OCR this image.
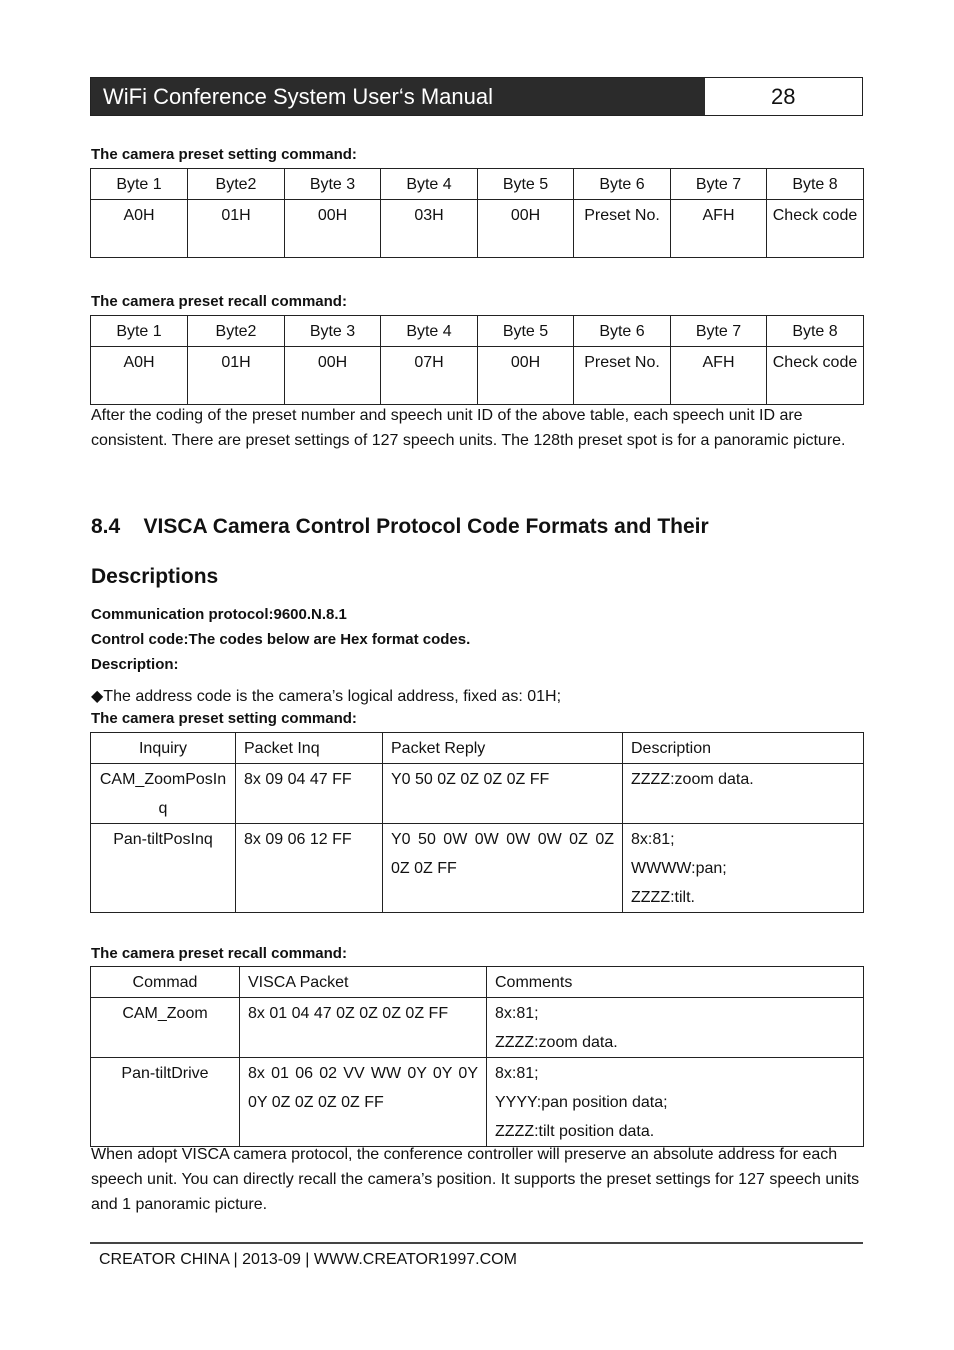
WiFi Conference System User‘s Manual	28
The camera preset setting command:
Byte 1	Byte2	Byte 3	Byte 4	Byte 5	Byte 6	Byte 7	Byte 8
A0H	01H	00H	03H	00H	Preset No.	AFH	Check code
The camera preset recall command:
Byte 1	Byte2	Byte 3	Byte 4	Byte 5	Byte 6	Byte 7	Byte 8
A0H	01H	00H	07H	00H	Preset No.	AFH	Check code
After the coding of the preset number and speech unit ID of the above table, each speech unit ID are consistent. There are preset settings of 127 speech units. The 128th preset spot is for a panoramic picture.
8.4 VISCA Camera Control Protocol Code Formats and Their
Descriptions
Communication protocol:9600.N.8.1
Control code:The codes below are Hex format codes.
Description:
◆The address code is the camera’s logical address, fixed as: 01H;
The camera preset setting command:
Inquiry	Packet Inq	Packet Reply	Description
CAM_ZoomPosInq	8x 09 04 47 FF	Y0 50 0Z 0Z 0Z 0Z FF	ZZZZ:zoom data.
Pan-tiltPosInq	8x 09 06 12 FF	Y0 50 0W 0W 0W 0W 0Z 0Z 0Z 0Z FF	8x:81;
WWWW:pan;
ZZZZ:tilt.
The camera preset recall command:
Commad	VISCA Packet	Comments
CAM_Zoom	8x 01 04 47 0Z 0Z 0Z 0Z FF	8x:81;
ZZZZ:zoom data.
Pan-tiltDrive	8x 01 06 02 VV WW 0Y 0Y 0Y 0Y 0Z 0Z 0Z 0Z FF	8x:81;
YYYY:pan position data;
ZZZZ:tilt position data.
When adopt VISCA camera protocol, the conference controller will preserve an absolute address for each speech unit. You can directly recall the camera’s position. It supports the preset settings for 127 speech units and 1 panoramic picture.
CREATOR CHINA | 2013-09 | WWW.CREATOR1997.COM
